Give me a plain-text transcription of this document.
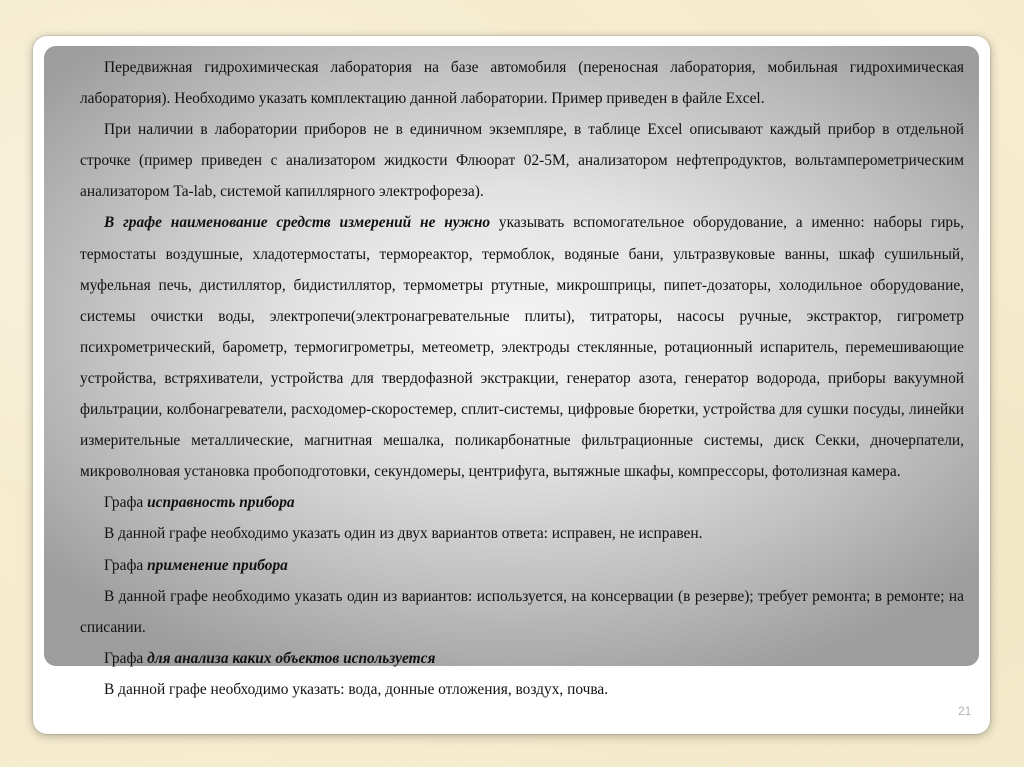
Передвижная гидрохимическая лаборатория на базе автомобиля (переносная лаборатория, мобильная гидрохимическая лаборатория). Необходимо указать комплектацию данной лаборатории. Пример приведен в файле Excel.

При наличии в лаборатории приборов не в единичном экземпляре, в таблице Excel описывают каждый прибор в отдельной строчке (пример приведен с анализатором жидкости Флюорат 02-5М, анализатором нефтепродуктов, вольтамперометрическим анализатором Ta-lab, системой капиллярного электрофореза).

В графе наименование средств измерений не нужно указывать вспомогательное оборудование, а именно: наборы гирь, термостаты воздушные, хладотермостаты, термореактор, термоблок, водяные бани, ультразвуковые ванны, шкаф сушильный, муфельная печь, дистиллятор, бидистиллятор, термометры ртутные, микрошприцы, пипет-дозаторы, холодильное оборудование, системы очистки воды, электропечи(электронагревательные плиты), титраторы, насосы ручные, экстрактор, гигрометр психрометрический, барометр, термогигрометры, метеометр, электроды стеклянные, ротационный испаритель, перемешивающие устройства, встряхиватели, устройства для твердофазной экстракции, генератор азота, генератор водорода, приборы вакуумной фильтрации, колбонагреватели, расходомер-скоростемер, сплит-системы, цифровые бюретки, устройства для сушки посуды, линейки измерительные металлические, магнитная мешалка, поликарбонатные фильтрационные системы, диск Секки, дночерпатели, микроволновая установка пробоподготовки, секундомеры, центрифуга, вытяжные шкафы, компрессоры, фотолизная камера.

Графа исправность прибора

В данной графе необходимо указать один из двух вариантов ответа: исправен, не исправен.

Графа применение прибора

В данной графе необходимо указать один из вариантов: используется, на консервации (в резерве); требует ремонта; в ремонте; на списании.

Графа для анализа каких объектов используется

В данной графе необходимо указать: вода, донные отложения, воздух, почва.

21
